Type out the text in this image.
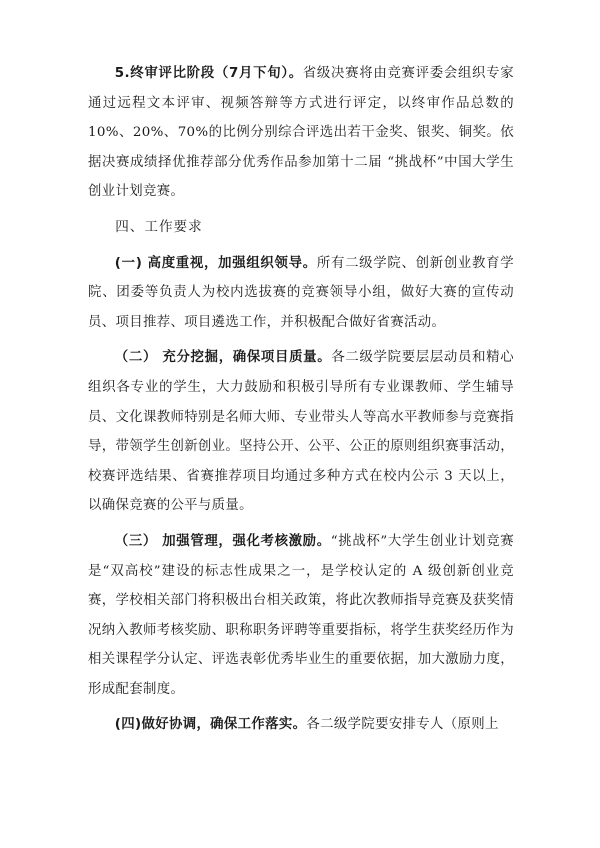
5.终审评比阶段（7月下旬）。省级决赛将由竞赛评委会组织专家通过远程文本评审、视频答辩等方式进行评定，以终审作品总数的10%、20%、70%的比例分别综合评选出若干金奖、银奖、铜奖。依据决赛成绩择优推荐部分优秀作品参加第十二届 “挑战杯”中国大学生创业计划竞赛。

四、工作要求

(一) 高度重视，加强组织领导。所有二级学院、创新创业教育学院、团委等负责人为校内选拔赛的竞赛领导小组，做好大赛的宣传动员、项目推荐、项目遴选工作，并积极配合做好省赛活动。

（二） 充分挖掘，确保项目质量。各二级学院要层层动员和精心组织各专业的学生，大力鼓励和积极引导所有专业课教师、学生辅导员、文化课教师特别是名师大师、专业带头人等高水平教师参与竞赛指导，带领学生创新创业。坚持公开、公平、公正的原则组织赛事活动，校赛评选结果、省赛推荐项目均通过多种方式在校内公示 3 天以上，以确保竞赛的公平与质量。

（三） 加强管理，强化考核激励。“挑战杯”大学生创业计划竞赛是“双高校”建设的标志性成果之一，是学校认定的 A 级创新创业竞赛，学校相关部门将积极出台相关政策，将此次教师指导竞赛及获奖情况纳入教师考核奖励、职称职务评聘等重要指标，将学生获奖经历作为相关课程学分认定、评选表彰优秀毕业生的重要依据，加大激励力度，形成配套制度。

(四)做好协调，确保工作落实。各二级学院要安排专人（原则上
